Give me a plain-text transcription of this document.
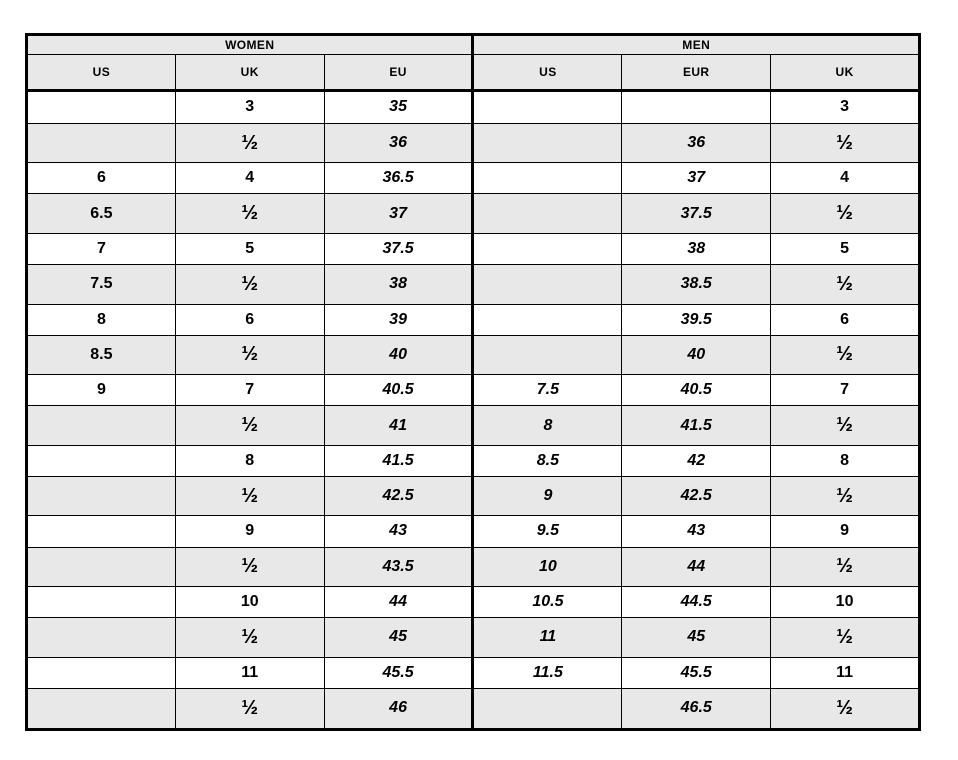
WOMEN			MEN		
US	UK	EU	US	EUR	UK
	3	35			3
	½	36		36	½
6	4	36.5		37	4
6.5	½	37		37.5	½
7	5	37.5		38	5
7.5	½	38		38.5	½
8	6	39		39.5	6
8.5	½	40		40	½
9	7	40.5	7.5	40.5	7
	½	41	8	41.5	½
	8	41.5	8.5	42	8
	½	42.5	9	42.5	½
	9	43	9.5	43	9
	½	43.5	10	44	½
	10	44	10.5	44.5	10
	½	45	11	45	½
	11	45.5	11.5	45.5	11
	½	46		46.5	½
